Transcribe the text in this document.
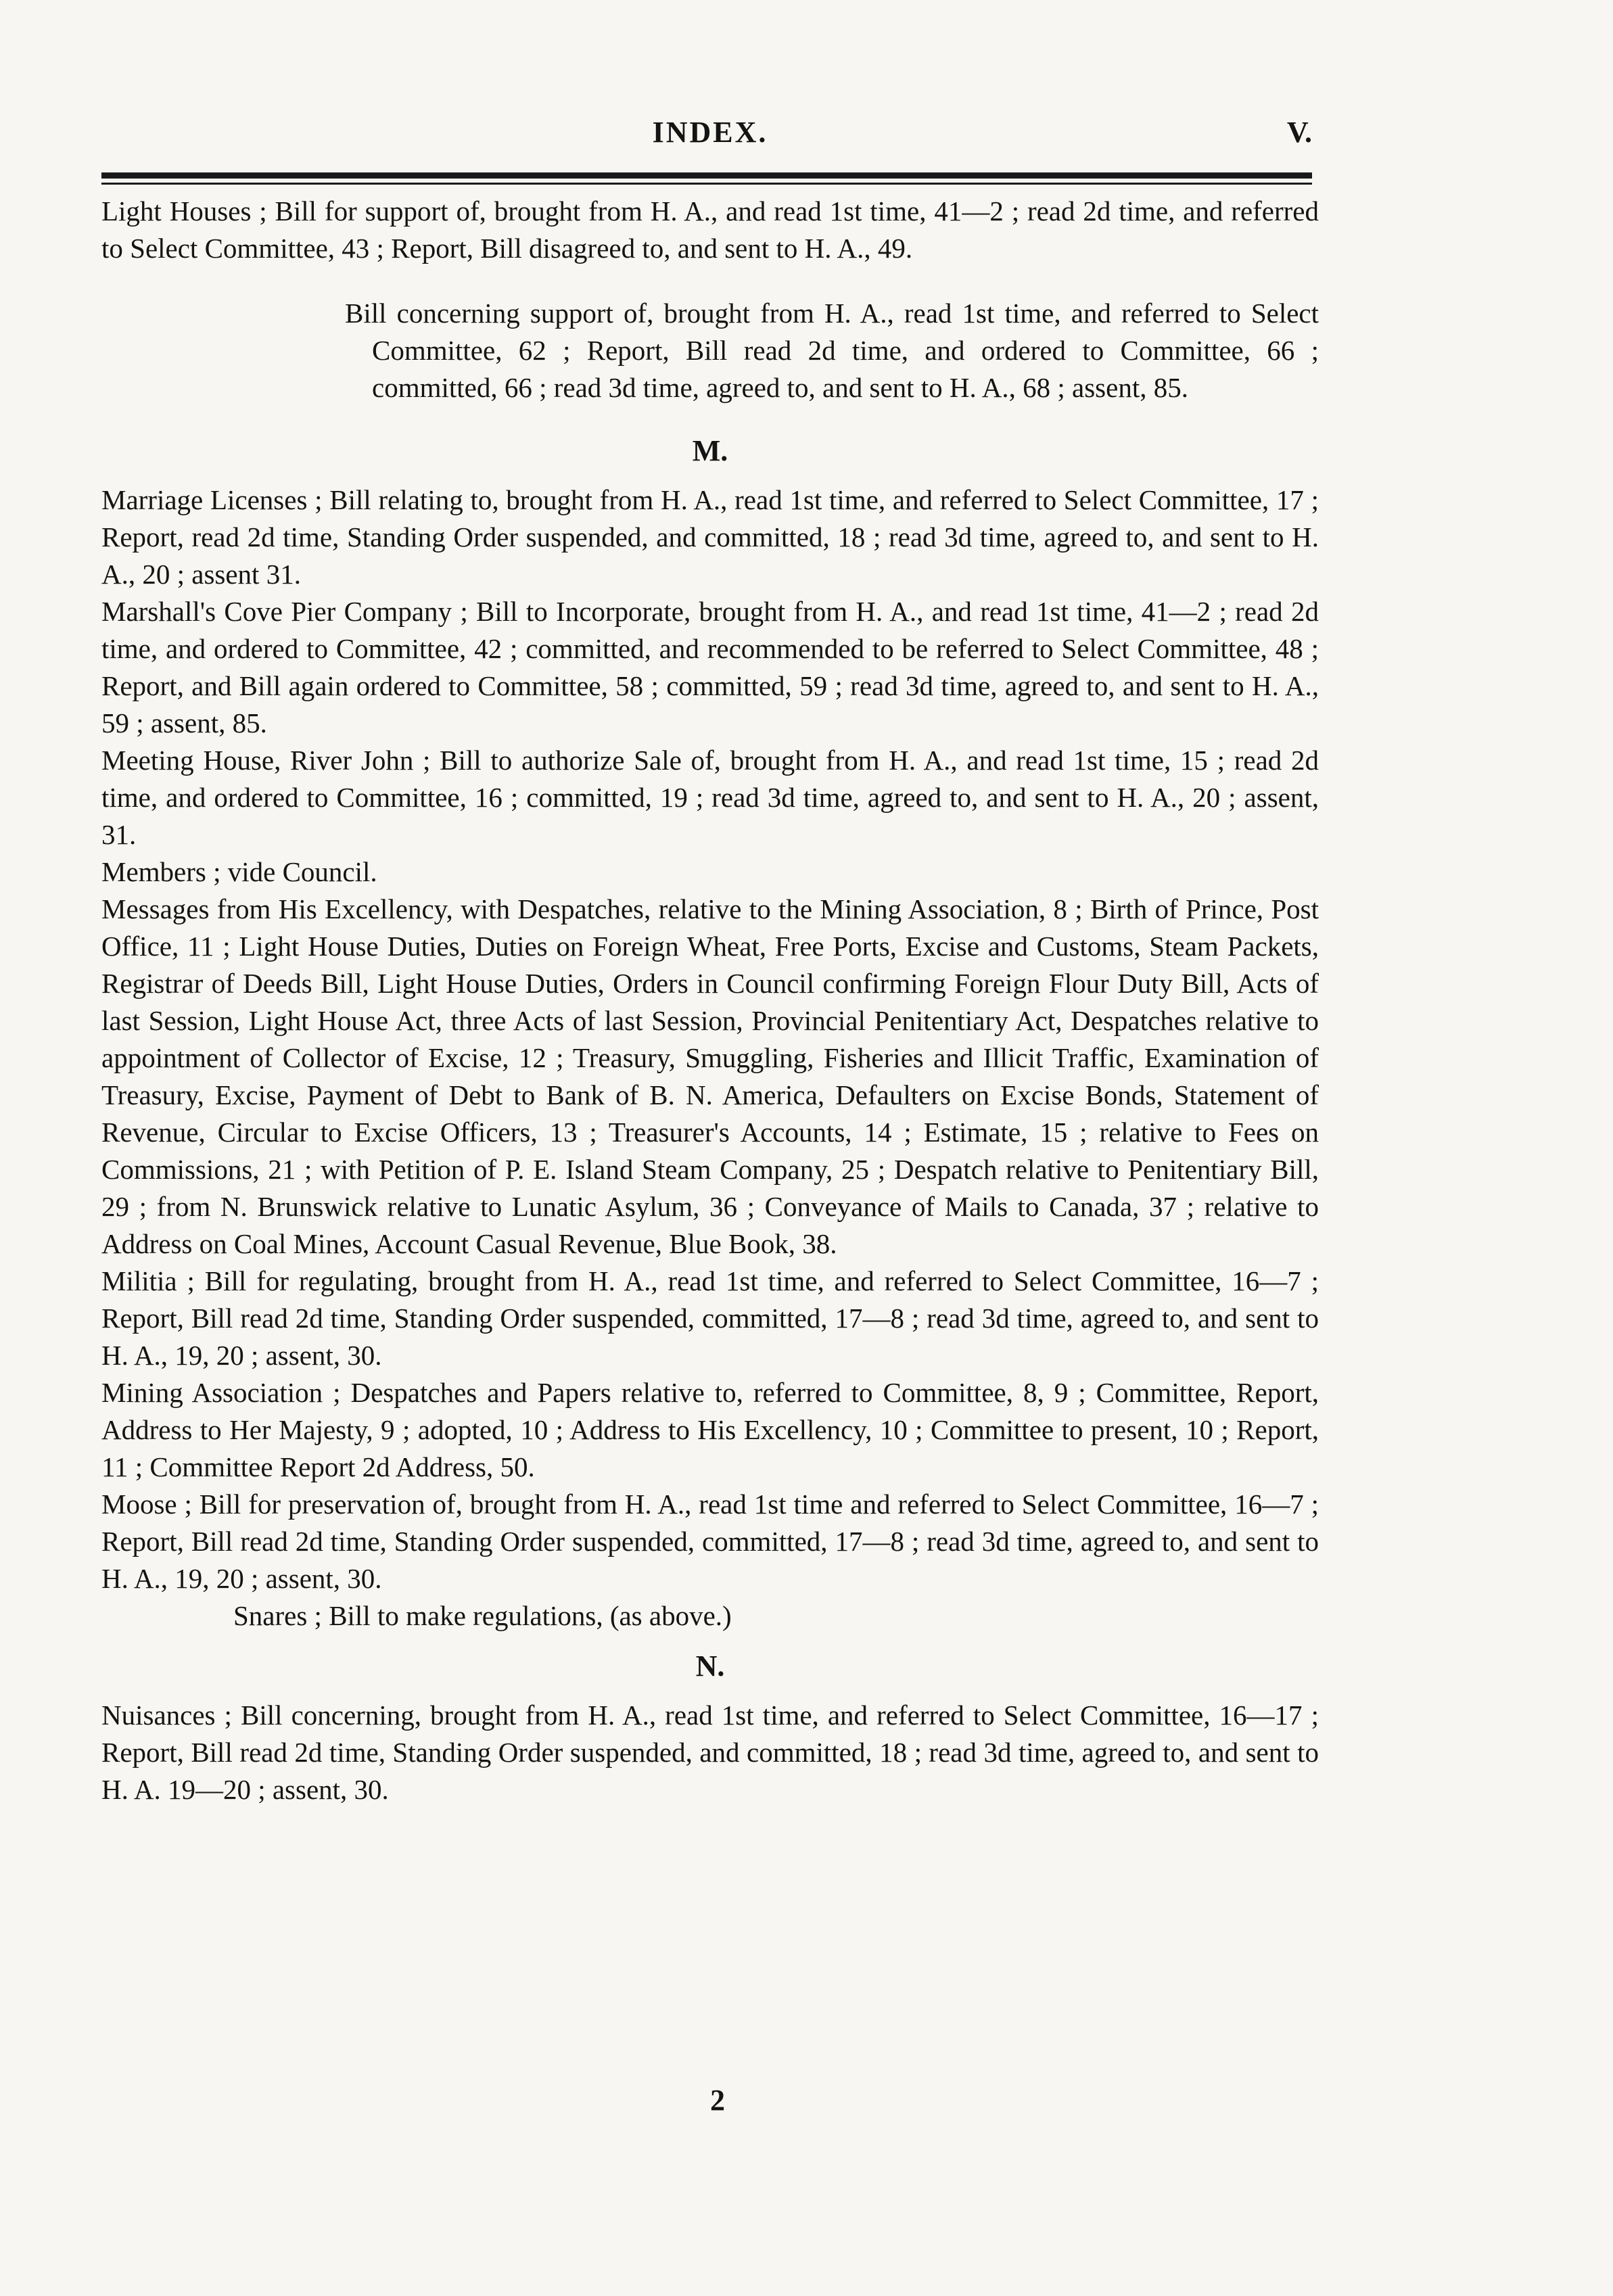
INDEX.	V.

Light Houses ; Bill for support of, brought from H. A., and read 1st time, 41—2 ; read 2d time, and referred to Select Committee, 43 ; Report, Bill disagreed to, and sent to H. A., 49.

Bill concerning support of, brought from H. A., read 1st time, and referred to Select Committee, 62 ; Report, Bill read 2d time, and ordered to Committee, 66 ; committed, 66 ; read 3d time, agreed to, and sent to H. A., 68 ; assent, 85.

M.

Marriage Licenses ; Bill relating to, brought from H. A., read 1st time, and referred to Select Committee, 17 ; Report, read 2d time, Standing Order suspended, and committed, 18 ; read 3d time, agreed to, and sent to H. A., 20 ; assent 31.

Marshall's Cove Pier Company ; Bill to Incorporate, brought from H. A., and read 1st time, 41—2 ; read 2d time, and ordered to Committee, 42 ; committed, and recommended to be referred to Select Committee, 48 ; Report, and Bill again ordered to Committee, 58 ; committed, 59 ; read 3d time, agreed to, and sent to H. A., 59 ; assent, 85.

Meeting House, River John ; Bill to authorize Sale of, brought from H. A., and read 1st time, 15 ; read 2d time, and ordered to Committee, 16 ; committed, 19 ; read 3d time, agreed to, and sent to H. A., 20 ; assent, 31.

Members ; vide Council.

Messages from His Excellency, with Despatches, relative to the Mining Association, 8 ; Birth of Prince, Post Office, 11 ; Light House Duties, Duties on Foreign Wheat, Free Ports, Excise and Customs, Steam Packets, Registrar of Deeds Bill, Light House Duties, Orders in Council confirming Foreign Flour Duty Bill, Acts of last Session, Light House Act, three Acts of last Session, Provincial Penitentiary Act, Despatches relative to appointment of Collector of Excise, 12 ; Treasury, Smuggling, Fisheries and Illicit Traffic, Examination of Treasury, Excise, Payment of Debt to Bank of B. N. America, Defaulters on Excise Bonds, Statement of Revenue, Circular to Excise Officers, 13 ; Treasurer's Accounts, 14 ; Estimate, 15 ; relative to Fees on Commissions, 21 ; with Petition of P. E. Island Steam Company, 25 ; Despatch relative to Penitentiary Bill, 29 ; from N. Brunswick relative to Lunatic Asylum, 36 ; Conveyance of Mails to Canada, 37 ; relative to Address on Coal Mines, Account Casual Revenue, Blue Book, 38.

Militia ; Bill for regulating, brought from H. A., read 1st time, and referred to Select Committee, 16—7 ; Report, Bill read 2d time, Standing Order suspended, committed, 17—8 ; read 3d time, agreed to, and sent to H. A., 19, 20 ; assent, 30.

Mining Association ; Despatches and Papers relative to, referred to Committee, 8, 9 ; Committee, Report, Address to Her Majesty, 9 ; adopted, 10 ; Address to His Excellency, 10 ; Committee to present, 10 ; Report, 11 ; Committee Report 2d Address, 50.

Moose ; Bill for preservation of, brought from H. A., read 1st time and referred to Select Committee, 16—7 ; Report, Bill read 2d time, Standing Order suspended, committed, 17—8 ; read 3d time, agreed to, and sent to H. A., 19, 20 ; assent, 30.

Snares ; Bill to make regulations, (as above.)

N.

Nuisances ; Bill concerning, brought from H. A., read 1st time, and referred to Select Committee, 16—17 ; Report, Bill read 2d time, Standing Order suspended, and committed, 18 ; read 3d time, agreed to, and sent to H. A. 19—20 ; assent, 30.

2
